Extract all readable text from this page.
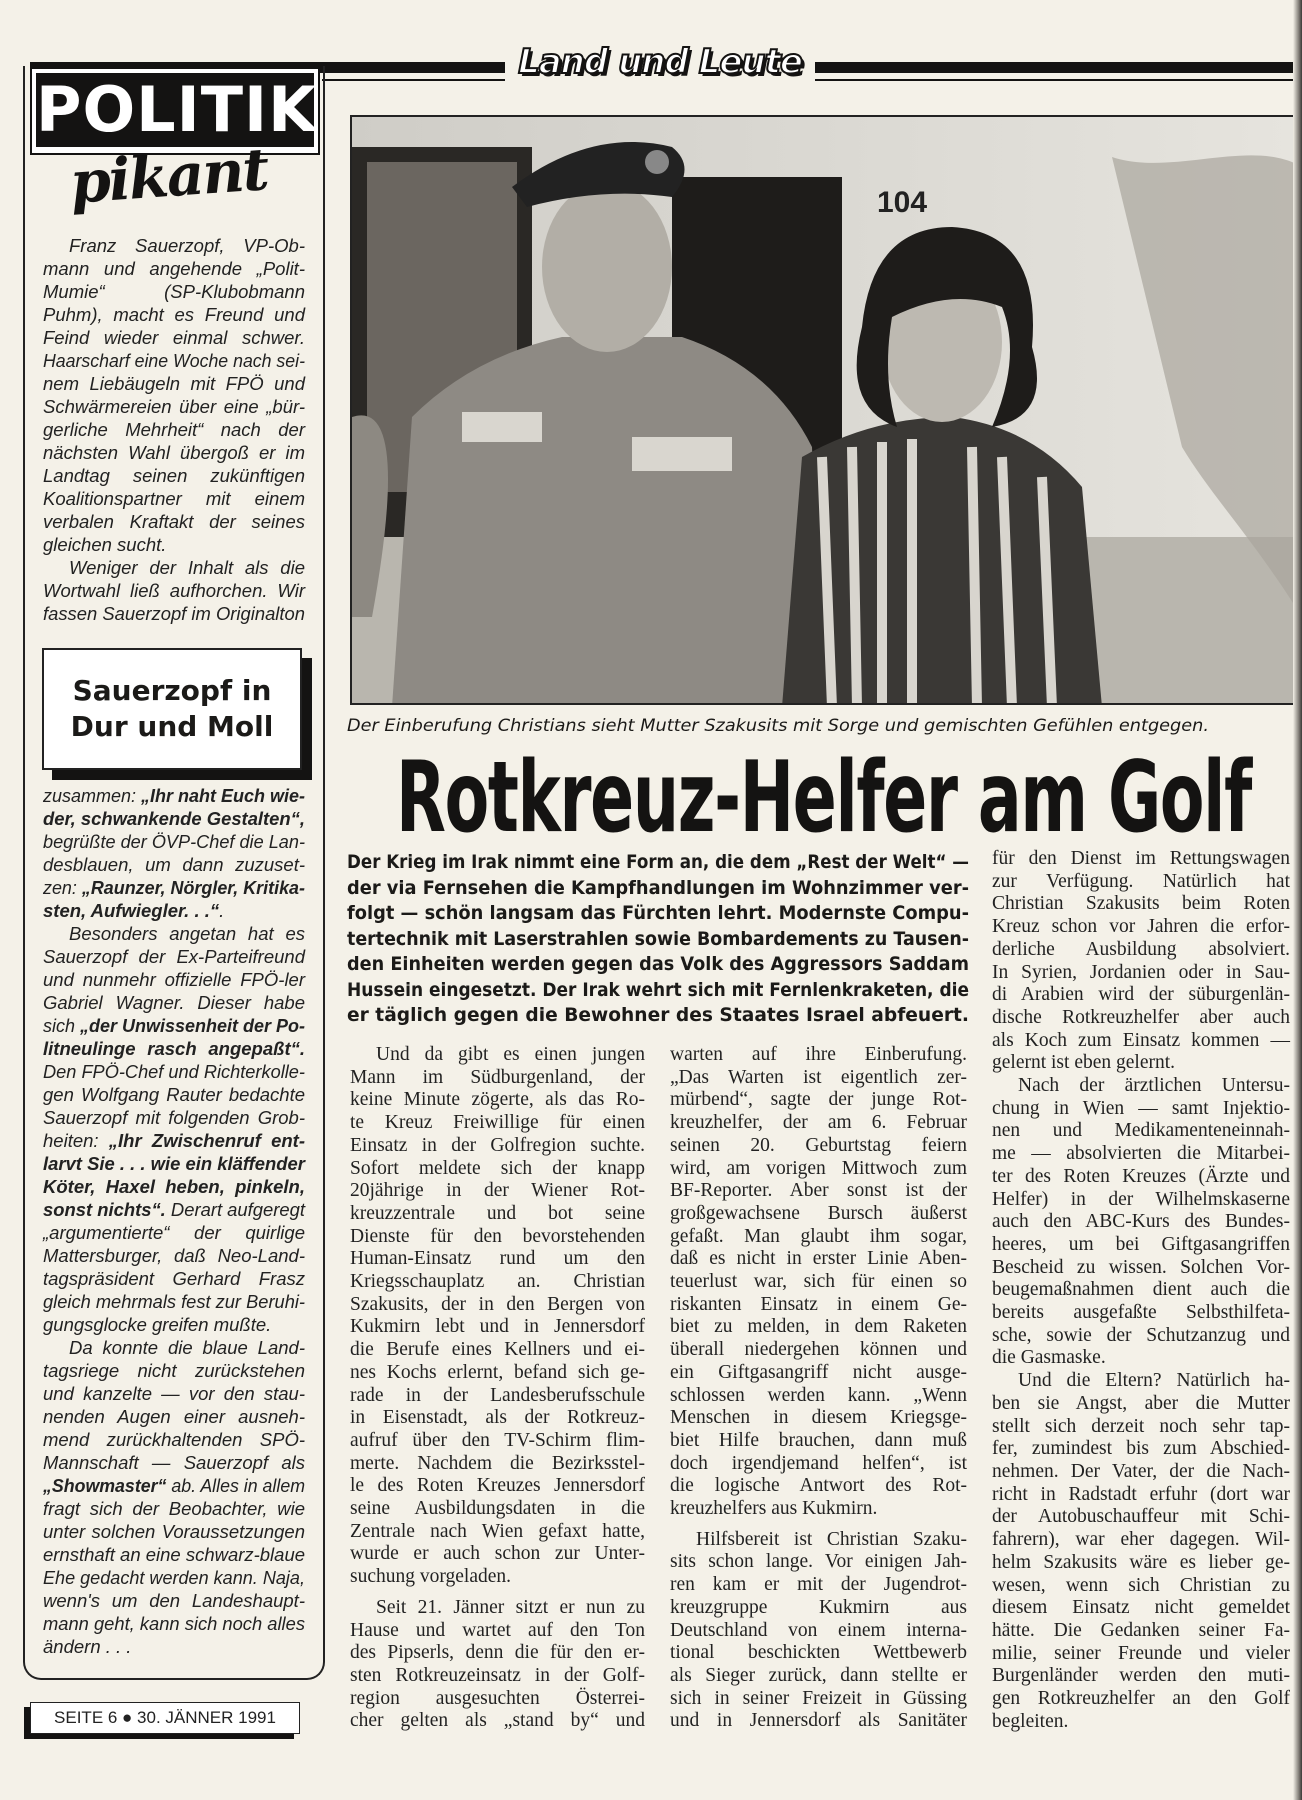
Land und Leute
POLITIK
pikant
Franz Sauerzopf, VP-Ob-
mann und angehende „Polit-
Mumie“ (SP-Klubobmann
Puhm), macht es Freund und
Feind wieder einmal schwer.
Haarscharf eine Woche nach sei-
nem Liebäugeln mit FPÖ und
Schwärmereien über eine „bür-
gerliche Mehrheit“ nach der
nächsten Wahl übergoß er im
Landtag seinen zukünftigen
Koalitionspartner mit einem
verbalen Kraftakt der seines
gleichen sucht.
Weniger der Inhalt als die
Wortwahl ließ aufhorchen. Wir
fassen Sauerzopf im Originalton
Sauerzopf in
Dur und Moll
zusammen: „Ihr naht Euch wie-
der, schwankende Gestalten“,
begrüßte der ÖVP-Chef die Lan-
desblauen, um dann zuzuset-
zen: „Raunzer, Nörgler, Kritika-
sten, Aufwiegler. . .“.
Besonders angetan hat es
Sauerzopf der Ex-Parteifreund
und nunmehr offizielle FPÖ-ler
Gabriel Wagner. Dieser habe
sich „der Unwissenheit der Po-
litneulinge rasch angepaßt“.
Den FPÖ-Chef und Richterkolle-
gen Wolfgang Rauter bedachte
Sauerzopf mit folgenden Grob-
heiten: „Ihr Zwischenruf ent-
larvt Sie . . . wie ein kläffender
Köter, Haxel heben, pinkeln,
sonst nichts“. Derart aufgeregt
„argumentierte“ der quirlige
Mattersburger, daß Neo-Land-
tagspräsident Gerhard Frasz
gleich mehrmals fest zur Beruhi-
gungsglocke greifen mußte.
Da konnte die blaue Land-
tagsriege nicht zurückstehen
und kanzelte — vor den stau-
nenden Augen einer ausneh-
mend zurückhaltenden SPÖ-
Mannschaft — Sauerzopf als
„Showmaster“ ab. Alles in allem
fragt sich der Beobachter, wie
unter solchen Voraussetzungen
ernsthaft an eine schwarz-blaue
Ehe gedacht werden kann. Naja,
wenn's um den Landeshaupt-
mann geht, kann sich noch alles
ändern . . .
SEITE 6 ● 30. JÄNNER 1991
104
Der Einberufung Christians sieht Mutter Szakusits mit Sorge und gemischten Gefühlen entgegen.
Rotkreuz-Helfer am Golf
Der Krieg im Irak nimmt eine Form an, die dem „Rest der Welt“ —
der via Fernsehen die Kampfhandlungen im Wohnzimmer ver-
folgt — schön langsam das Fürchten lehrt. Modernste Compu-
tertechnik mit Laserstrahlen sowie Bombardements zu Tausen-
den Einheiten werden gegen das Volk des Aggressors Saddam
Hussein eingesetzt. Der Irak wehrt sich mit Fernlenkraketen, die
er täglich gegen die Bewohner des Staates Israel abfeuert.
Und da gibt es einen jungen
Mann im Südburgenland, der
keine Minute zögerte, als das Ro-
te Kreuz Freiwillige für einen
Einsatz in der Golfregion suchte.
Sofort meldete sich der knapp
20jährige in der Wiener Rot-
kreuzzentrale und bot seine
Dienste für den bevorstehenden
Human-Einsatz rund um den
Kriegsschauplatz an. Christian
Szakusits, der in den Bergen von
Kukmirn lebt und in Jennersdorf
die Berufe eines Kellners und ei-
nes Kochs erlernt, befand sich ge-
rade in der Landesberufsschule
in Eisenstadt, als der Rotkreuz-
aufruf über den TV-Schirm flim-
merte. Nachdem die Bezirksstel-
le des Roten Kreuzes Jennersdorf
seine Ausbildungsdaten in die
Zentrale nach Wien gefaxt hatte,
wurde er auch schon zur Unter-
suchung vorgeladen.
Seit 21. Jänner sitzt er nun zu
Hause und wartet auf den Ton
des Pipserls, denn die für den er-
sten Rotkreuzeinsatz in der Golf-
region ausgesuchten Österrei-
cher gelten als „stand by“ und
warten auf ihre Einberufung.
„Das Warten ist eigentlich zer-
mürbend“, sagte der junge Rot-
kreuzhelfer, der am 6. Februar
seinen 20. Geburtstag feiern
wird, am vorigen Mittwoch zum
BF-Reporter. Aber sonst ist der
großgewachsene Bursch äußerst
gefaßt. Man glaubt ihm sogar,
daß es nicht in erster Linie Aben-
teuerlust war, sich für einen so
riskanten Einsatz in einem Ge-
biet zu melden, in dem Raketen
überall niedergehen können und
ein Giftgasangriff nicht ausge-
schlossen werden kann. „Wenn
Menschen in diesem Kriegsge-
biet Hilfe brauchen, dann muß
doch irgendjemand helfen“, ist
die logische Antwort des Rot-
kreuzhelfers aus Kukmirn.
Hilfsbereit ist Christian Szaku-
sits schon lange. Vor einigen Jah-
ren kam er mit der Jugendrot-
kreuzgruppe Kukmirn aus
Deutschland von einem interna-
tional beschickten Wettbewerb
als Sieger zurück, dann stellte er
sich in seiner Freizeit in Güssing
und in Jennersdorf als Sanitäter
für den Dienst im Rettungswagen
zur Verfügung. Natürlich hat
Christian Szakusits beim Roten
Kreuz schon vor Jahren die erfor-
derliche Ausbildung absolviert.
In Syrien, Jordanien oder in Sau-
di Arabien wird der süburgenlän-
dische Rotkreuzhelfer aber auch
als Koch zum Einsatz kommen —
gelernt ist eben gelernt.
Nach der ärztlichen Untersu-
chung in Wien — samt Injektio-
nen und Medikamenteneinnah-
me — absolvierten die Mitarbei-
ter des Roten Kreuzes (Ärzte und
Helfer) in der Wilhelmskaserne
auch den ABC-Kurs des Bundes-
heeres, um bei Giftgasangriffen
Bescheid zu wissen. Solchen Vor-
beugemaßnahmen dient auch die
bereits ausgefaßte Selbsthilfeta-
sche, sowie der Schutzanzug und
die Gasmaske.
Und die Eltern? Natürlich ha-
ben sie Angst, aber die Mutter
stellt sich derzeit noch sehr tap-
fer, zumindest bis zum Abschied-
nehmen. Der Vater, der die Nach-
richt in Radstadt erfuhr (dort war
der Autobuschauffeur mit Schi-
fahrern), war eher dagegen. Wil-
helm Szakusits wäre es lieber ge-
wesen, wenn sich Christian zu
diesem Einsatz nicht gemeldet
hätte. Die Gedanken seiner Fa-
milie, seiner Freunde und vieler
Burgenländer werden den muti-
gen Rotkreuzhelfer an den Golf
begleiten.
